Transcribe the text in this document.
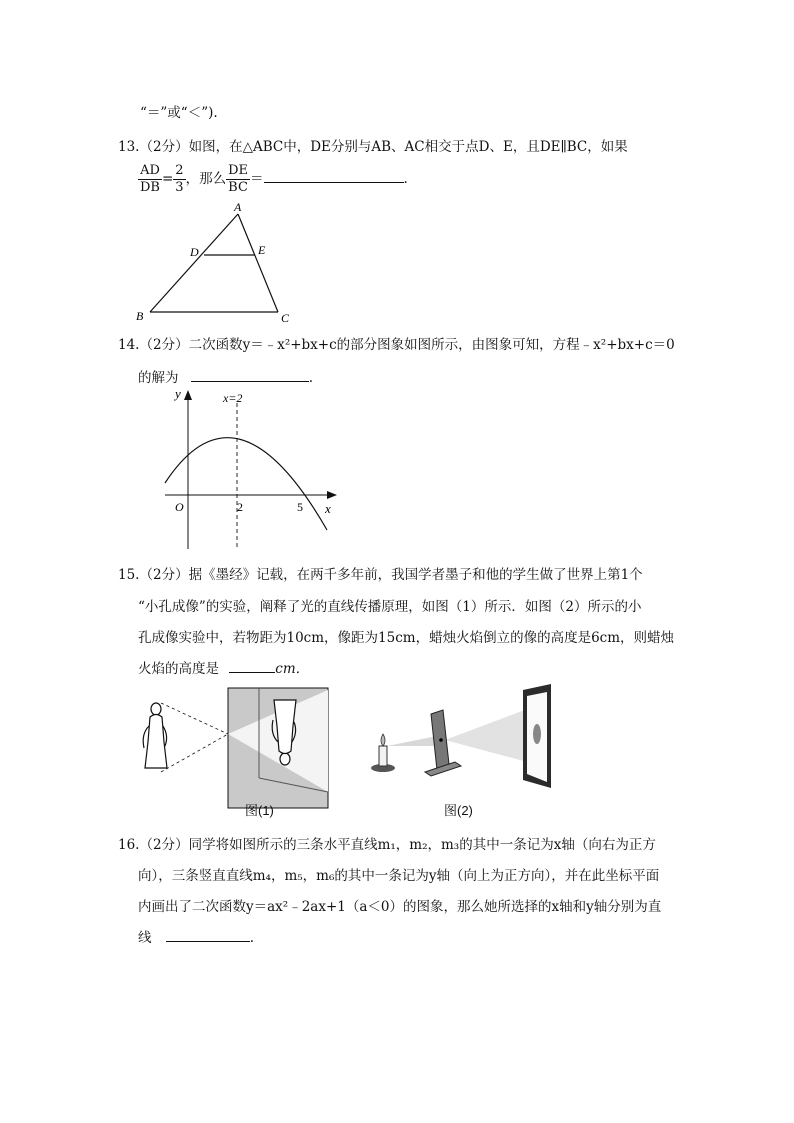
“＝”或“＜”).
13.（2分）如图，在△ABC中，DE分别与AB、AC相交于点D、E，且DE∥BC，如果
$\frac{AD}{DB} = \frac{2}{3}$ ，那么 $\frac{DE}{BC}$ ＝	.
A
B	C
D	E
14.（2分）二次函数y＝﹣x²+bx+c的部分图象如图所示，由图象可知，方程﹣x²+bx+c＝0
的解为	.
y	x=2
O	2	5 x
15.（2分）据《墨经》记载，在两千多年前，我国学者墨子和他的学生做了世界上第1个
“小孔成像”的实验，阐释了光的直线传播原理，如图（1）所示．如图（2）所示的小
孔成像实验中，若物距为10cm，像距为15cm，蜡烛火焰倒立的像的高度是6cm，则蜡烛
火焰的高度是	cm．
图(1)	图(2)
16.（2分）同学将如图所示的三条水平直线m₁，m₂，m₃的其中一条记为x轴（向右为正方
向），三条竖直直线m₄，m₅，m₆的其中一条记为y轴（向上为正方向），并在此坐标平面
内画出了二次函数y＝ax²﹣2ax+1（a＜0）的图象，那么她所选择的x轴和y轴分别为直
线	.
